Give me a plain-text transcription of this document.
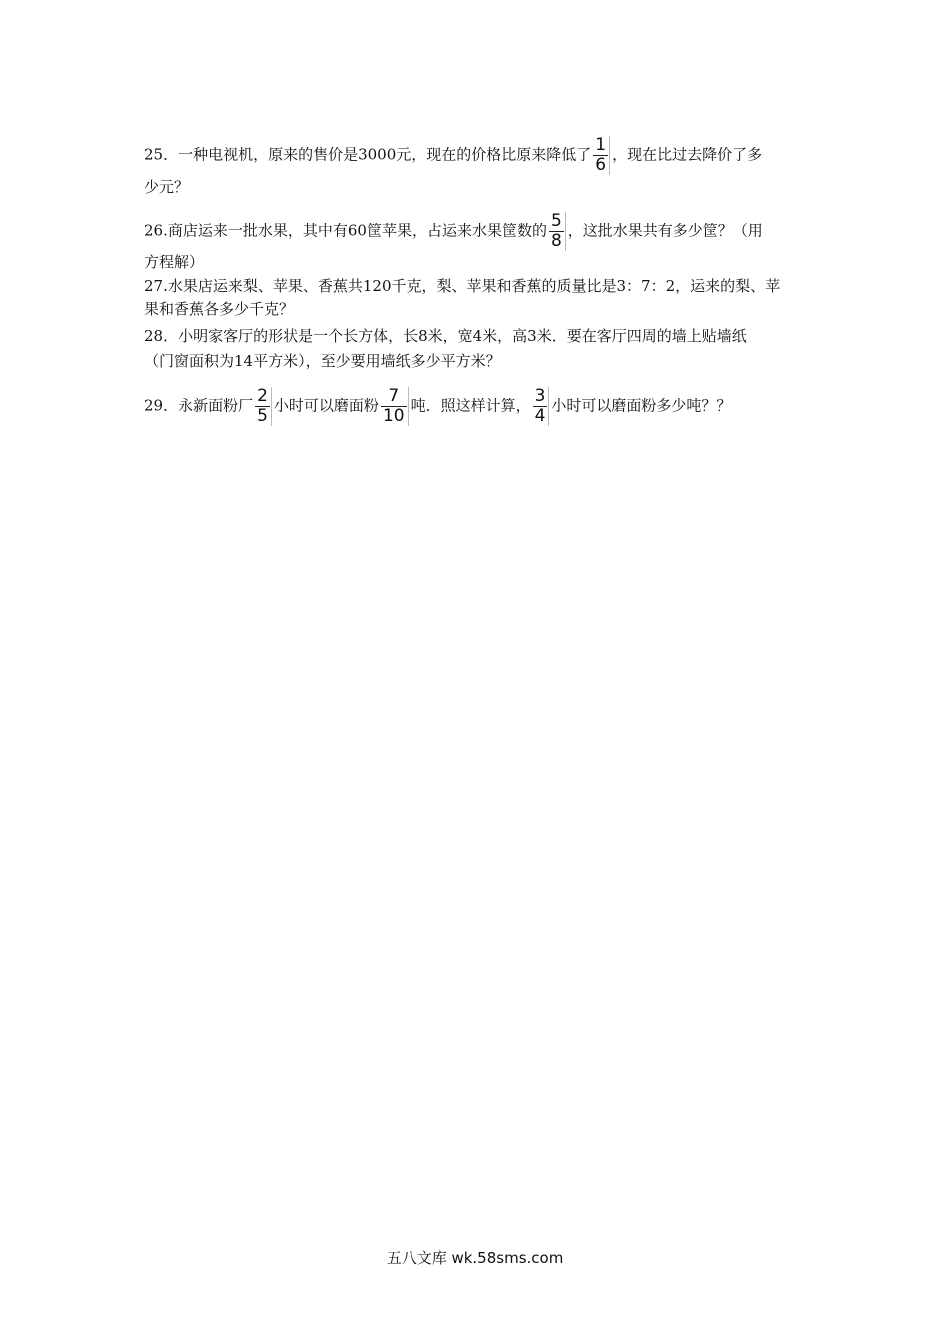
25．一种电视机，原来的售价是3000元，现在的价格比原来降低了 $\frac{1}{6}$ ，现在比过去降价了多
少元？
26.商店运来一批水果，其中有60筐苹果，占运来水果筐数的 $\frac{5}{8}$ ，这批水果共有多少筐？（用
方程解）
27.水果店运来梨、苹果、香蕉共120千克，梨、苹果和香蕉的质量比是3：7：2，运来的梨、苹
果和香蕉各多少千克？
28．小明家客厅的形状是一个长方体，长8米，宽4米，高3米．要在客厅四周的墙上贴墙纸
（门窗面积为14平方米），至少要用墙纸多少平方米？
29．永新面粉厂 $\frac{2}{5}$ 小时可以磨面粉 $\frac{7}{10}$ 吨．照这样计算， $\frac{3}{4}$ 小时可以磨面粉多少吨？？
五八文库 wk.58sms.com
